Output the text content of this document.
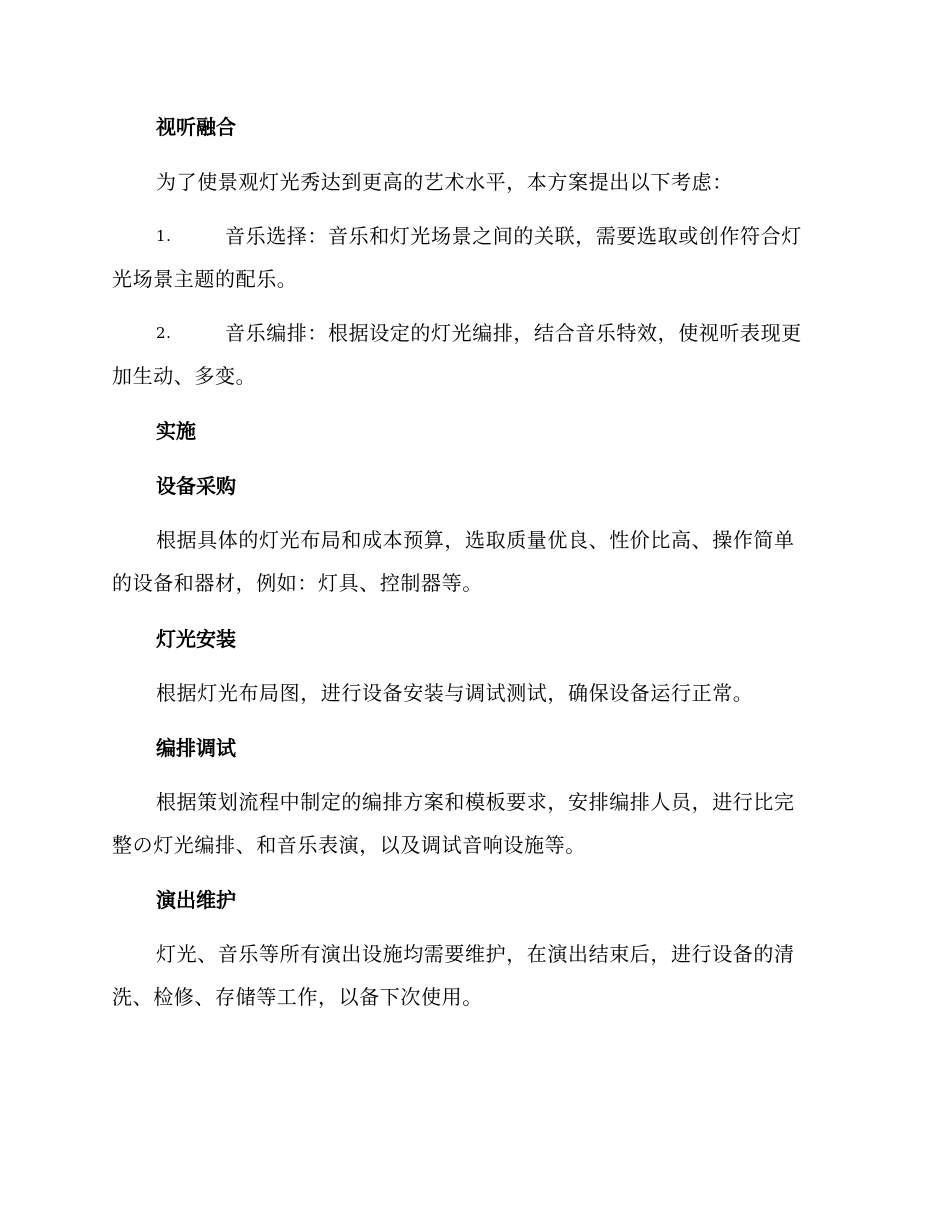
视听融合
为了使景观灯光秀达到更高的艺术水平，本方案提出以下考虑：
1.	音乐选择：音乐和灯光场景之间的关联，需要选取或创作符合灯
光场景主题的配乐。
2.	音乐编排：根据设定的灯光编排，结合音乐特效，使视听表现更
加生动、多变。
实施
设备采购
根据具体的灯光布局和成本预算，选取质量优良、性价比高、操作简单
的设备和器材，例如：灯具、控制器等。
灯光安装
根据灯光布局图，进行设备安装与调试测试，确保设备运行正常。
编排调试
根据策划流程中制定的编排方案和模板要求，安排编排人员，进行比完
整の灯光编排、和音乐表演，以及调试音响设施等。
演出维护
灯光、音乐等所有演出设施均需要维护，在演出结束后，进行设备的清
洗、检修、存储等工作，以备下次使用。
